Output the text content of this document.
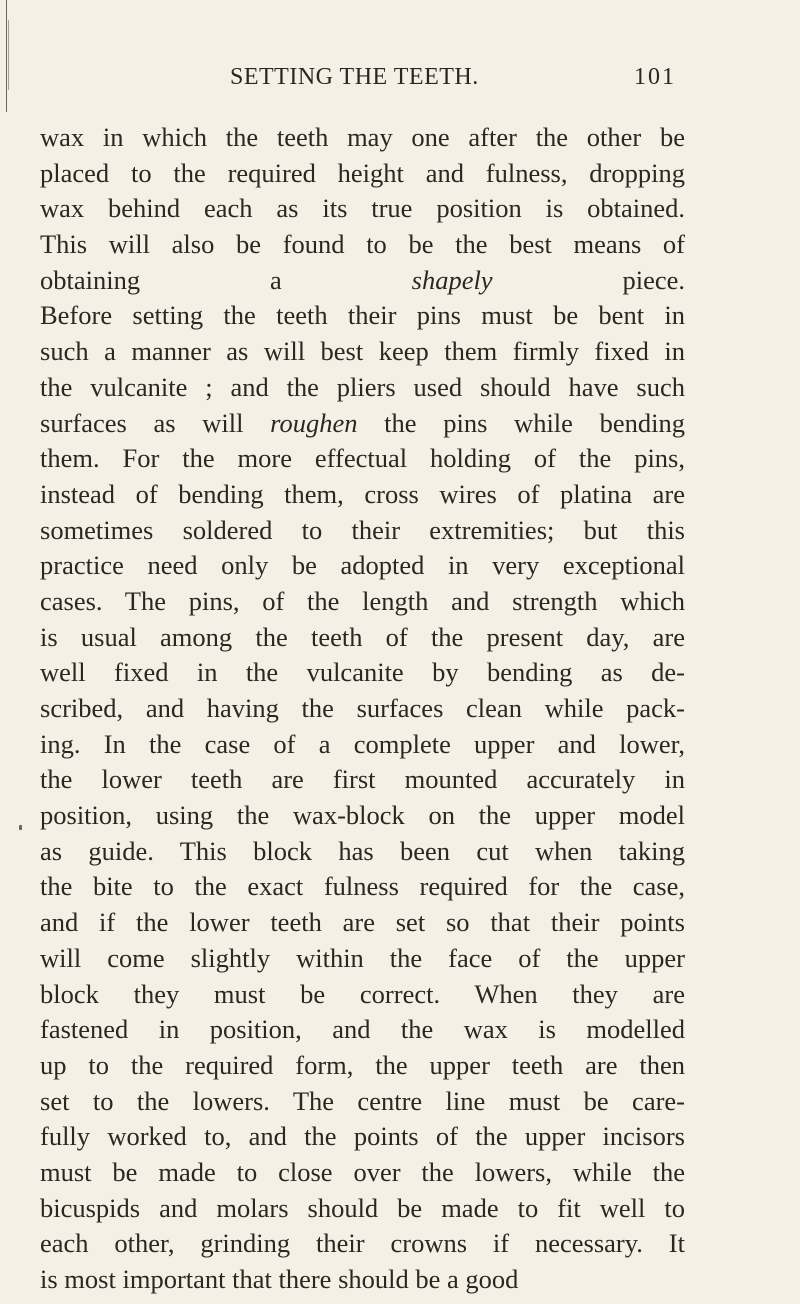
SETTING THE TEETH.	101
wax in which the teeth may one after the other be
placed to the required height and fulness, dropping
wax behind each as its true position is obtained.
This will also be found to be the best means of
obtaining a shapely piece.
Before setting the teeth their pins must be bent in
such a manner as will best keep them firmly fixed in
the vulcanite ; and the pliers used should have such
surfaces as will roughen the pins while bending
them. For the more effectual holding of the pins,
instead of bending them, cross wires of platina are
sometimes soldered to their extremities; but this
practice need only be adopted in very exceptional
cases. The pins, of the length and strength which
is usual among the teeth of the present day, are
well fixed in the vulcanite by bending as de-
scribed, and having the surfaces clean while pack-
ing. In the case of a complete upper and lower,
the lower teeth are first mounted accurately in
position, using the wax-block on the upper model
as guide. This block has been cut when taking
the bite to the exact fulness required for the case,
and if the lower teeth are set so that their points
will come slightly within the face of the upper
block they must be correct. When they are
fastened in position, and the wax is modelled
up to the required form, the upper teeth are then
set to the lowers. The centre line must be care-
fully worked to, and the points of the upper incisors
must be made to close over the lowers, while the
bicuspids and molars should be made to fit well to
each other, grinding their crowns if necessary. It
is most important that there should be a good
